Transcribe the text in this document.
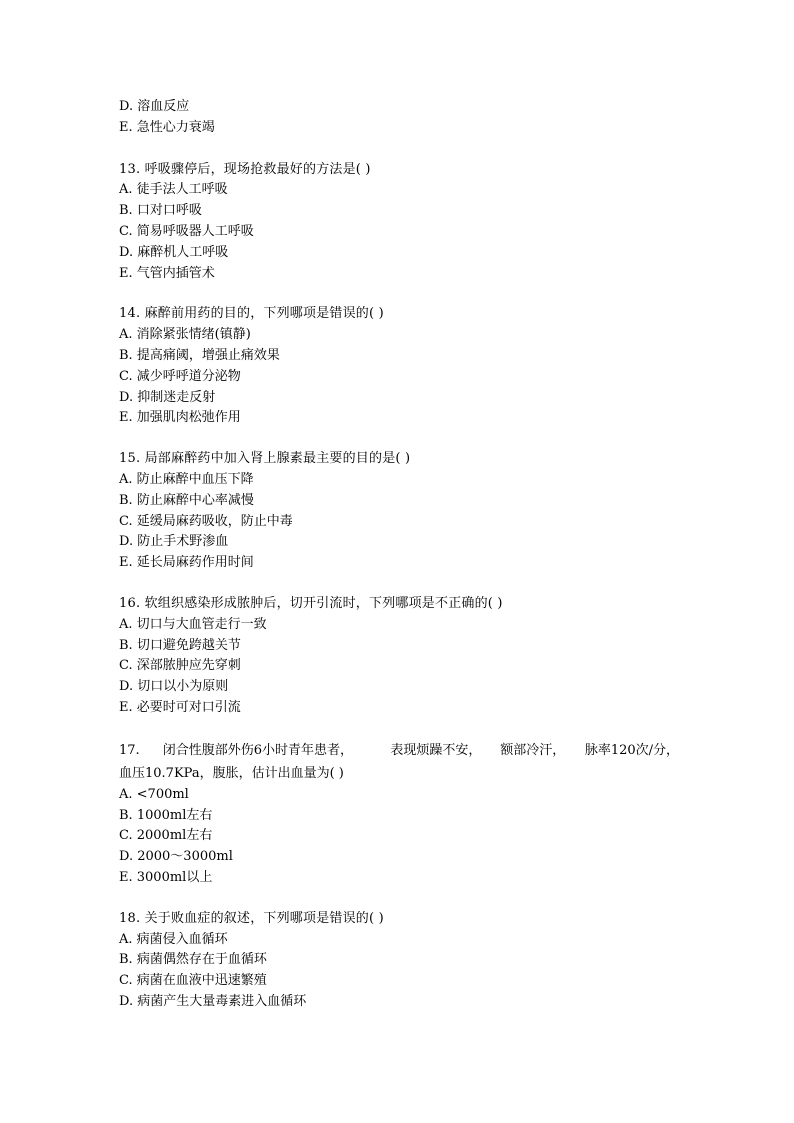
D. 溶血反应
E. 急性心力衰竭
13. 呼吸骤停后，现场抢救最好的方法是( )
A. 徒手法人工呼吸
B. 口对口呼吸
C. 简易呼吸器人工呼吸
D. 麻醉机人工呼吸
E. 气管内插管术
14. 麻醉前用药的目的，下列哪项是错误的( )
A. 消除紧张情绪(镇静)
B. 提高痛阈，增强止痛效果
C. 减少呼呼道分泌物
D. 抑制迷走反射
E. 加强肌肉松弛作用
15. 局部麻醉药中加入肾上腺素最主要的目的是( )
A. 防止麻醉中血压下降
B. 防止麻醉中心率减慢
C. 延缓局麻药吸收，防止中毒
D. 防止手术野渗血
E. 延长局麻药作用时间
16. 软组织感染形成脓肿后，切开引流时，下列哪项是不正确的( )
A. 切口与大血管走行一致
B. 切口避免跨越关节
C. 深部脓肿应先穿刺
D. 切口以小为原则
E. 必要时可对口引流
17.	闭合性腹部外伤6小时青年患者，	表现烦躁不安，	额部冷汗，	脉率120次/分，
血压10.7KPa，腹胀，估计出血量为( )
A. <700ml
B. 1000ml左右
C. 2000ml左右
D. 2000～3000ml
E. 3000ml以上
18. 关于败血症的叙述，下列哪项是错误的( )
A. 病菌侵入血循环
B. 病菌偶然存在于血循环
C. 病菌在血液中迅速繁殖
D. 病菌产生大量毒素进入血循环
